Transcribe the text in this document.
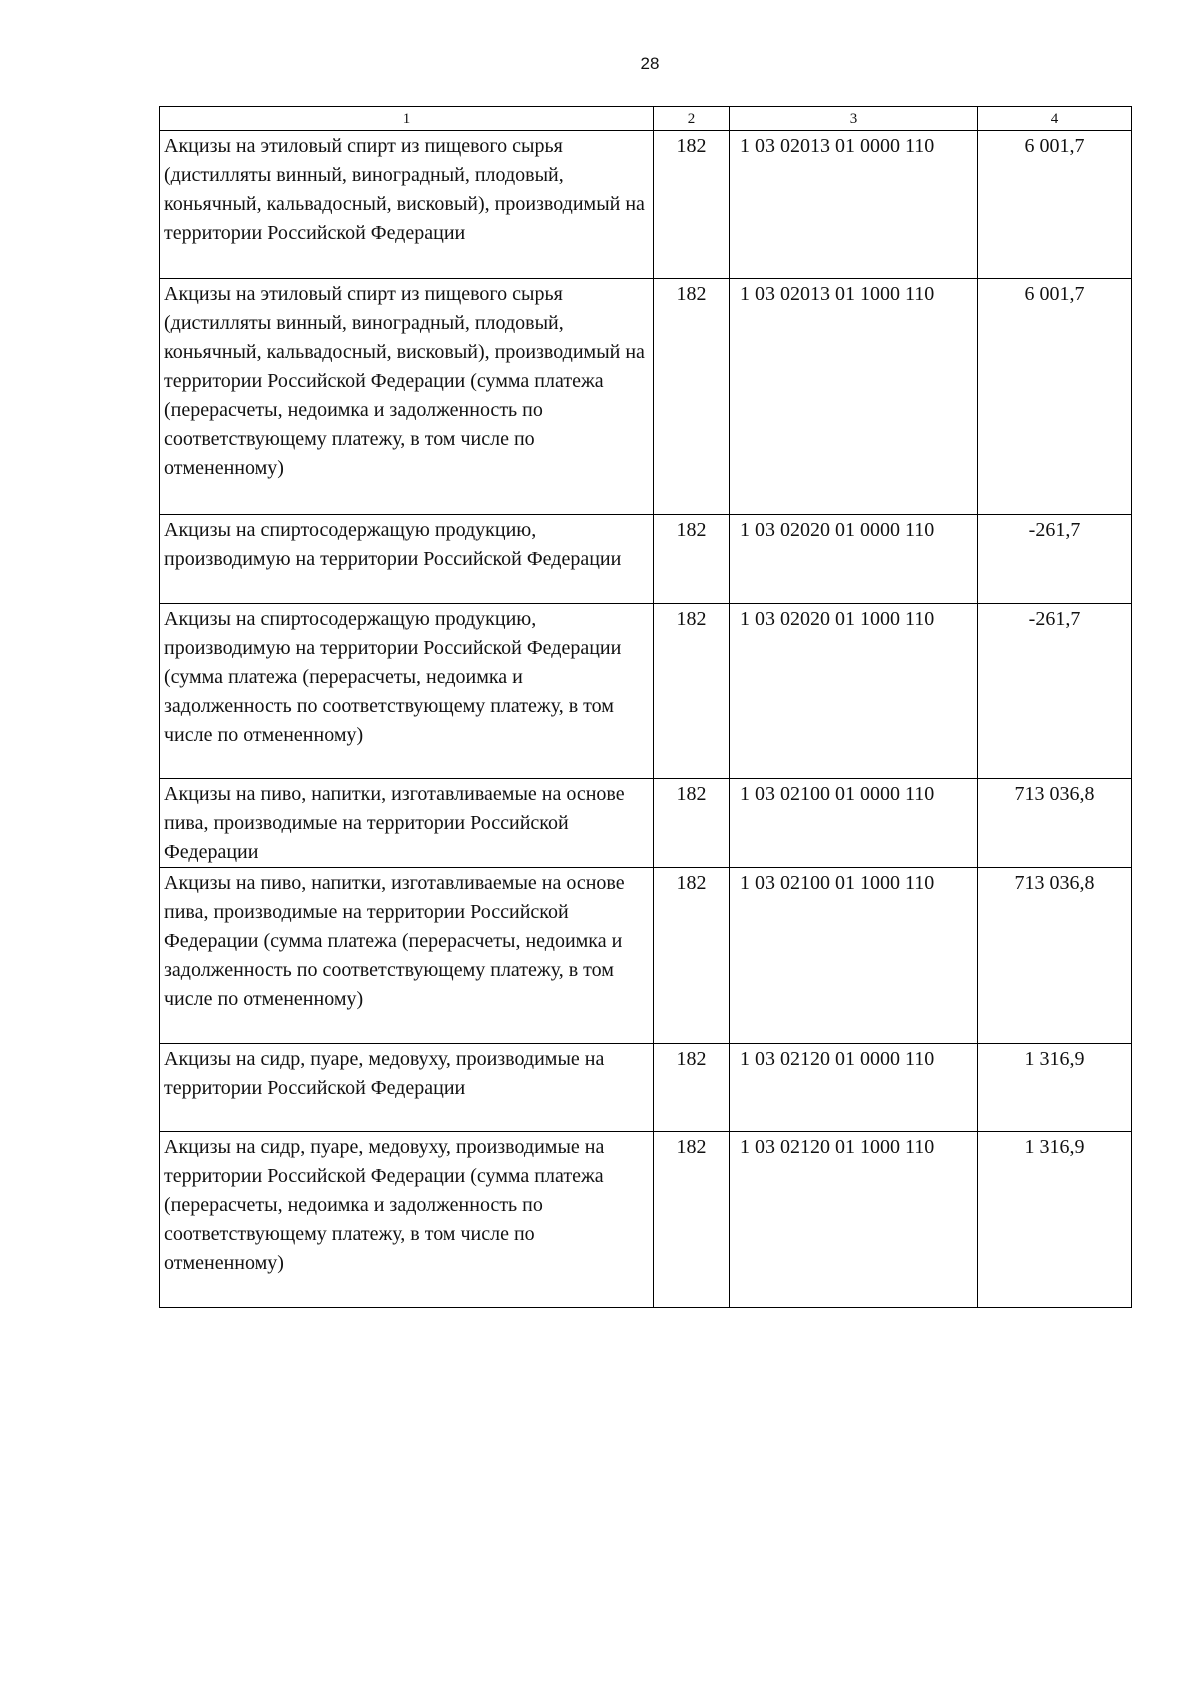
28
1	2	3	4
Акцизы на этиловый спирт из пищевого сырья (дистилляты винный, виноградный, плодовый, коньячный, кальвадосный, висковый), производимый на территории Российской Федерации	182	1 03 02013 01 0000 110	6 001,7
Акцизы на этиловый спирт из пищевого сырья (дистилляты винный, виноградный, плодовый, коньячный, кальвадосный, висковый), производимый на территории Российской Федерации (сумма платежа (перерасчеты, недоимка и задолженность по соответствующему платежу, в том числе по отмененному)	182	1 03 02013 01 1000 110	6 001,7
Акцизы на спиртосодержащую продукцию, производимую на территории Российской Федерации	182	1 03 02020 01 0000 110	-261,7
Акцизы на спиртосодержащую продукцию, производимую на территории Российской Федерации (сумма платежа (перерасчеты, недоимка и задолженность по соответствующему платежу, в том числе по отмененному)	182	1 03 02020 01 1000 110	-261,7
Акцизы на пиво, напитки, изготавливаемые на основе пива, производимые на территории Российской Федерации	182	1 03 02100 01 0000 110	713 036,8
Акцизы на пиво, напитки, изготавливаемые на основе пива, производимые на территории Российской Федерации (сумма платежа (перерасчеты, недоимка и задолженность по соответствующему платежу, в том числе по отмененному)	182	1 03 02100 01 1000 110	713 036,8
Акцизы на сидр, пуаре, медовуху, производимые на территории Российской Федерации	182	1 03 02120 01 0000 110	1 316,9
Акцизы на сидр, пуаре, медовуху, производимые на территории Российской Федерации (сумма платежа (перерасчеты, недоимка и задолженность по соответствующему платежу, в том числе по отмененному)	182	1 03 02120 01 1000 110	1 316,9
